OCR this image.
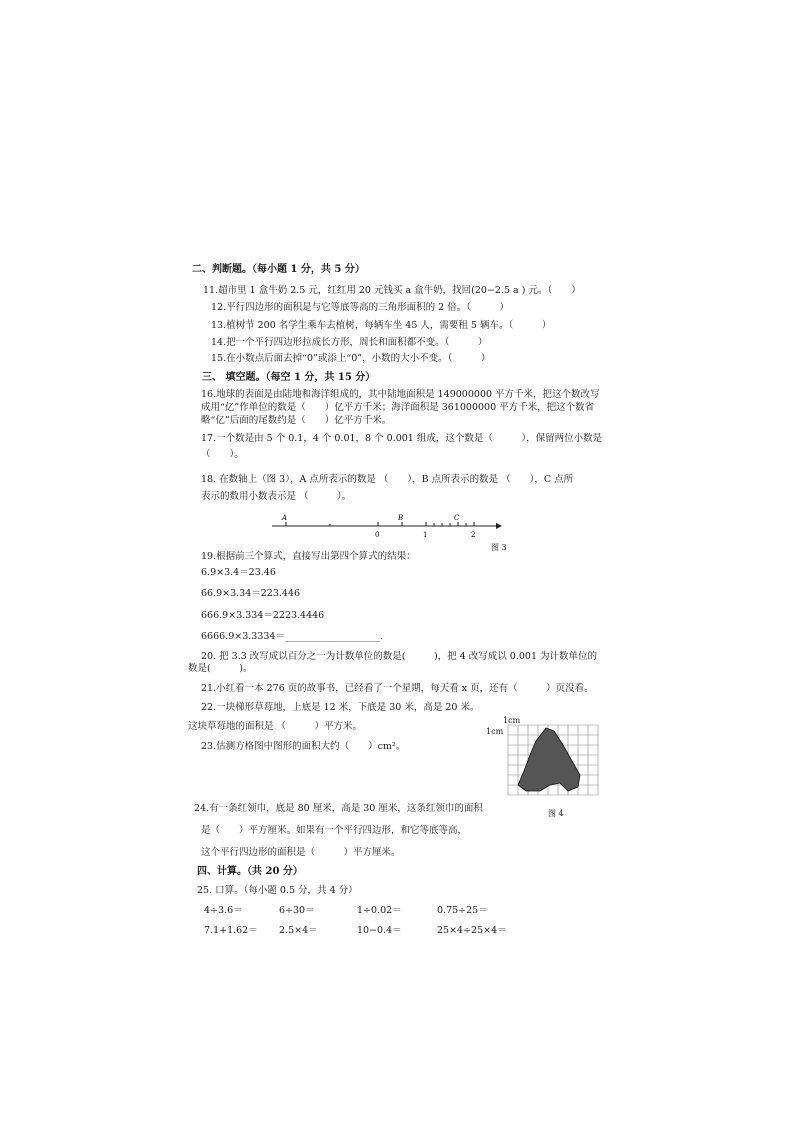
二、判断题。（每小题 1 分，共 5 分）
11.超市里 1 盒牛奶 2.5 元，红红用 20 元钱买 a 盒牛奶，找回(20−2.5 a ) 元。（　　）
12.平行四边形的面积是与它等底等高的三角形面积的 2 倍。（　　　）
13.植树节 200 名学生乘车去植树，每辆车坐 45 人，需要租 5 辆车。（　　　）
14.把一个平行四边形拉成长方形，周长和面积都不变。（　　　）
15.在小数点后面去掉“0”或添上“0”，小数的大小不变。（　　　）
三、 填空题。（每空 1 分，共 15 分）
16.地球的表面是由陆地和海洋组成的，其中陆地面积是 149000000 平方千米，把这个数改写
成用“亿”作单位的数是（　　）亿平方千米；海洋面积是 361000000 平方千米，把这个数省
略“亿”后面的尾数约是（　　）亿平方千米。
17.一个数是由 5 个 0.1，4 个 0.01，8 个 0.001 组成，这个数是（　　　），保留两位小数是
（　　）。
18. 在数轴上（图 3），A 点所表示的数是 （　　），B 点所表示的数是 （　　），C 点所
表示的数用小数表示是 （　　　）。
A	B	C
0	1	2
图 3
19.根据前三个算式，直接写出第四个算式的结果：
6.9×3.4＝23.46
66.9×3.34＝223.446
666.9×3.334＝2223.4446
6666.9×3.3334＝____________________.
20. 把 3.3 改写成以百分之一为计数单位的数是(　　　)，把 4 改写成以 0.001 为计数单位的
数是(　　　)。
21.小红看一本 276 页的故事书，已经看了一个星期，每天看 x 页，还有（　　　）页没看。
22.一块梯形草莓地，上底是 12 米，下底是 30 米，高是 20 米。
这块草莓地的面积是 （　　　）平方米。
23.估测方格图中图形的面积大约（　　）cm²。
1cm
1cm
图 4
24.有一条红领巾，底是 80 厘米，高是 30 厘米，这条红领巾的面积
是（　　）平方厘米。如果有一个平行四边形，和它等底等高，
这个平行四边形的面积是（　　　）平方厘米。
四、计算。（共 20 分）
25. 口算。（每小题 0.5 分，共 4 分）
4÷3.6＝	6÷30＝	1÷0.02＝	0.75÷25＝
7.1+1.62＝ 2.5×4＝	10−0.4＝	25×4÷25×4＝
